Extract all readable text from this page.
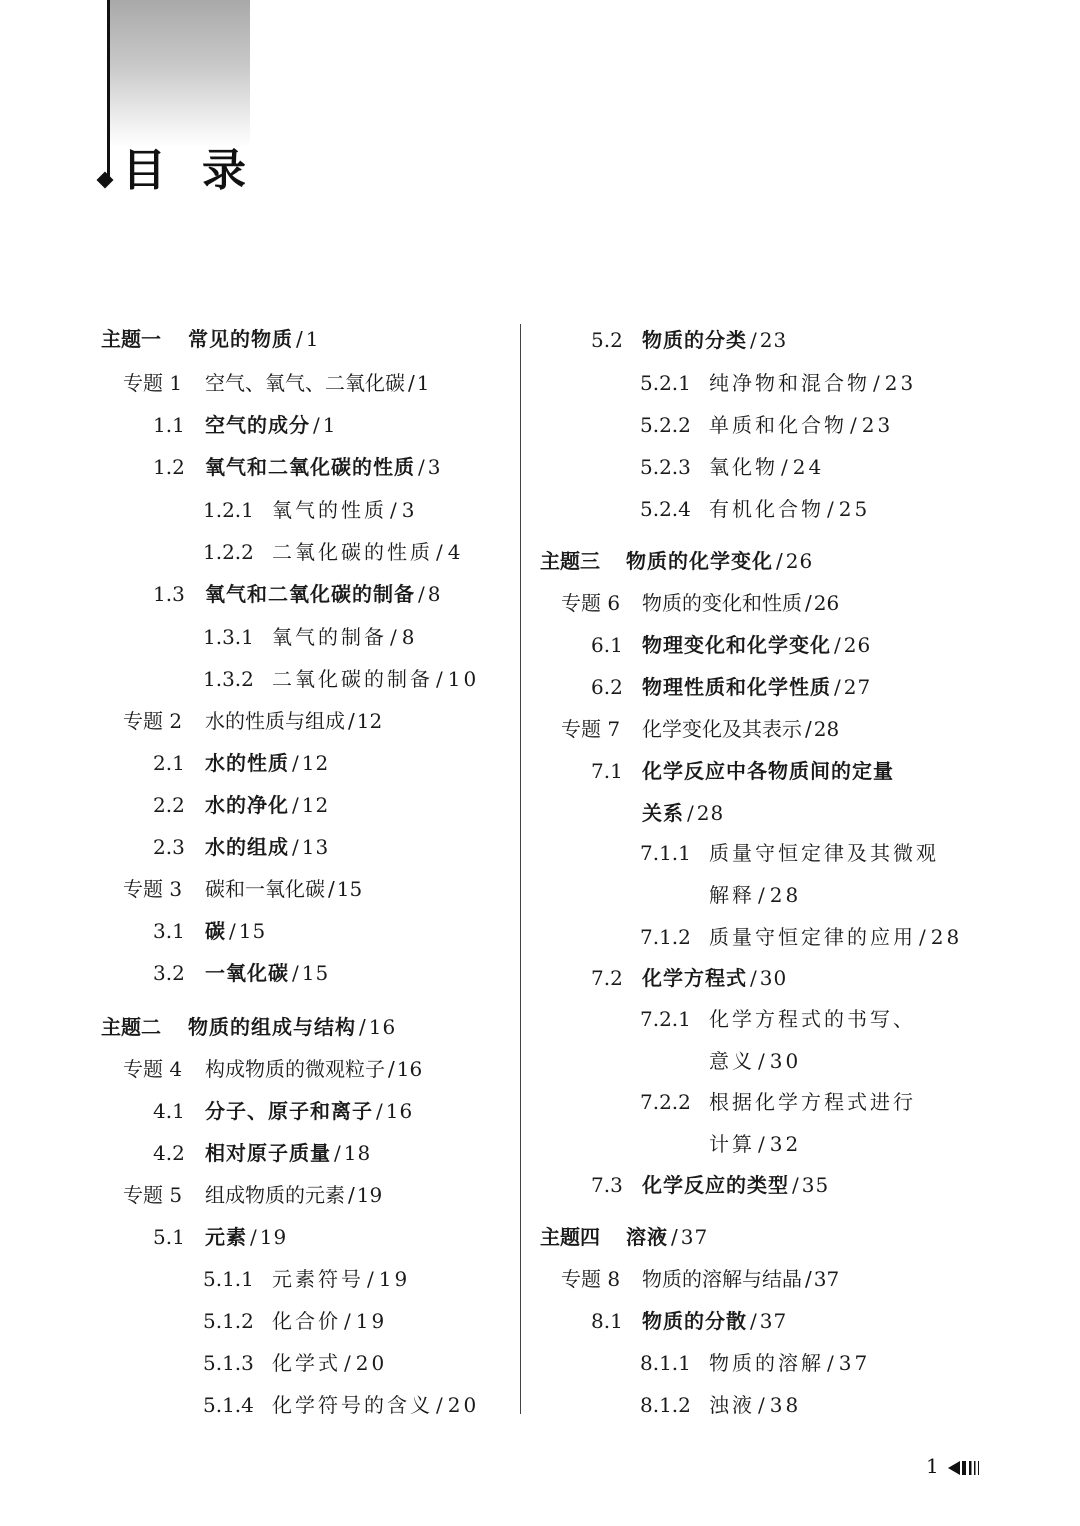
目 录
主题一 常见的物质 / 1
专题 1 空气、氧气、二氧化碳 / 1
1.1 空气的成分 / 1
1.2 氧气和二氧化碳的性质 / 3
1.2.1 氧气的性质 / 3
1.2.2 二氧化碳的性质 / 4
1.3 氧气和二氧化碳的制备 / 8
1.3.1 氧气的制备 / 8
1.3.2 二氧化碳的制备 / 10
专题 2 水的性质与组成 / 12
2.1 水的性质 / 12
2.2 水的净化 / 12
2.3 水的组成 / 13
专题 3 碳和一氧化碳 / 15
3.1 碳 / 15
3.2 一氧化碳 / 15
主题二 物质的组成与结构 / 16
专题 4 构成物质的微观粒子 / 16
4.1 分子、原子和离子 / 16
4.2 相对原子质量 / 18
专题 5 组成物质的元素 / 19
5.1 元素 / 19
5.1.1 元素符号 / 19
5.1.2 化合价 / 19
5.1.3 化学式 / 20
5.1.4 化学符号的含义 / 20
5.2 物质的分类 / 23
5.2.1 纯净物和混合物 / 23
5.2.2 单质和化合物 / 23
5.2.3 氧化物 / 24
5.2.4 有机化合物 / 25
主题三 物质的化学变化 / 26
专题 6 物质的变化和性质 / 26
6.1 物理变化和化学变化 / 26
6.2 物理性质和化学性质 / 27
专题 7 化学变化及其表示 / 28
7.1 化学反应中各物质间的定量
关系 / 28
7.1.1 质量守恒定律及其微观
解释 / 28
7.1.2 质量守恒定律的应用 / 28
7.2 化学方程式 / 30
7.2.1 化学方程式的书写、
意义 / 30
7.2.2 根据化学方程式进行
计算 / 32
7.3 化学反应的类型 / 35
主题四 溶液 / 37
专题 8 物质的溶解与结晶 / 37
8.1 物质的分散 / 37
8.1.1 物质的溶解 / 37
8.1.2 浊液 / 38
1
